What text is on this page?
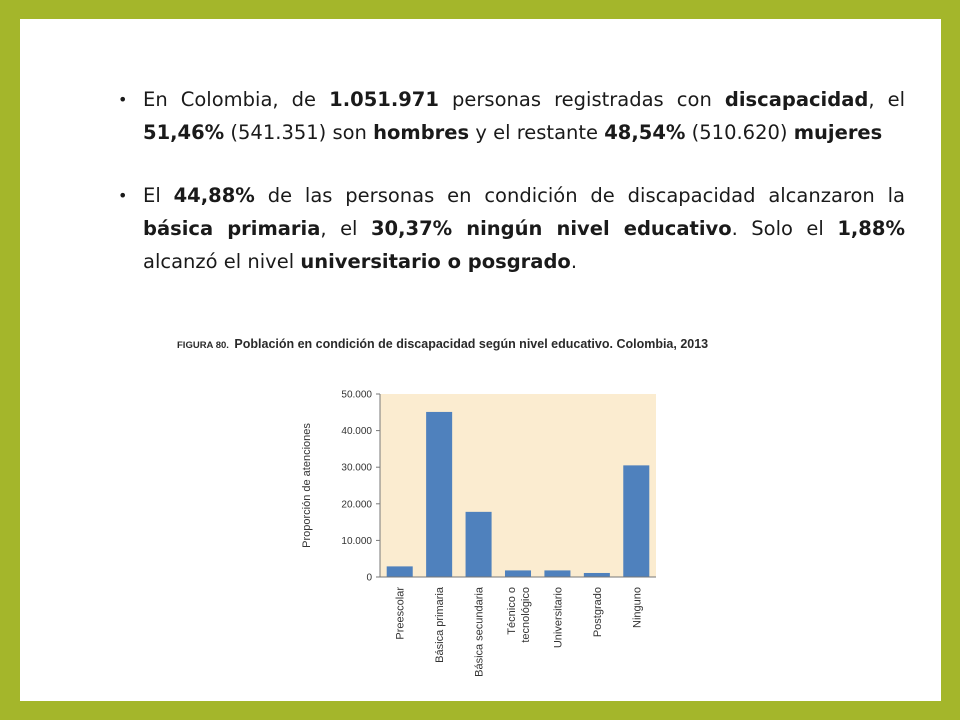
• En Colombia, de 1.051.971 personas registradas con discapacidad, el 51,46% (541.351) son hombres y el restante 48,54% (510.620) mujeres
• El 44,88% de las personas en condición de discapacidad alcanzaron la básica primaria, el 30,37% ningún nivel educativo. Solo el 1,88% alcanzó el nivel universitario o posgrado.
FIGURA 80. Población en condición de discapacidad según nivel educativo. Colombia, 2013
0
10.000
20.000
30.000
40.000
50.000
Proporción de atenciones
Preescolar Básica primaria Básica secundaria Técnico o tecnológico Universitario Postgrado Ninguno
